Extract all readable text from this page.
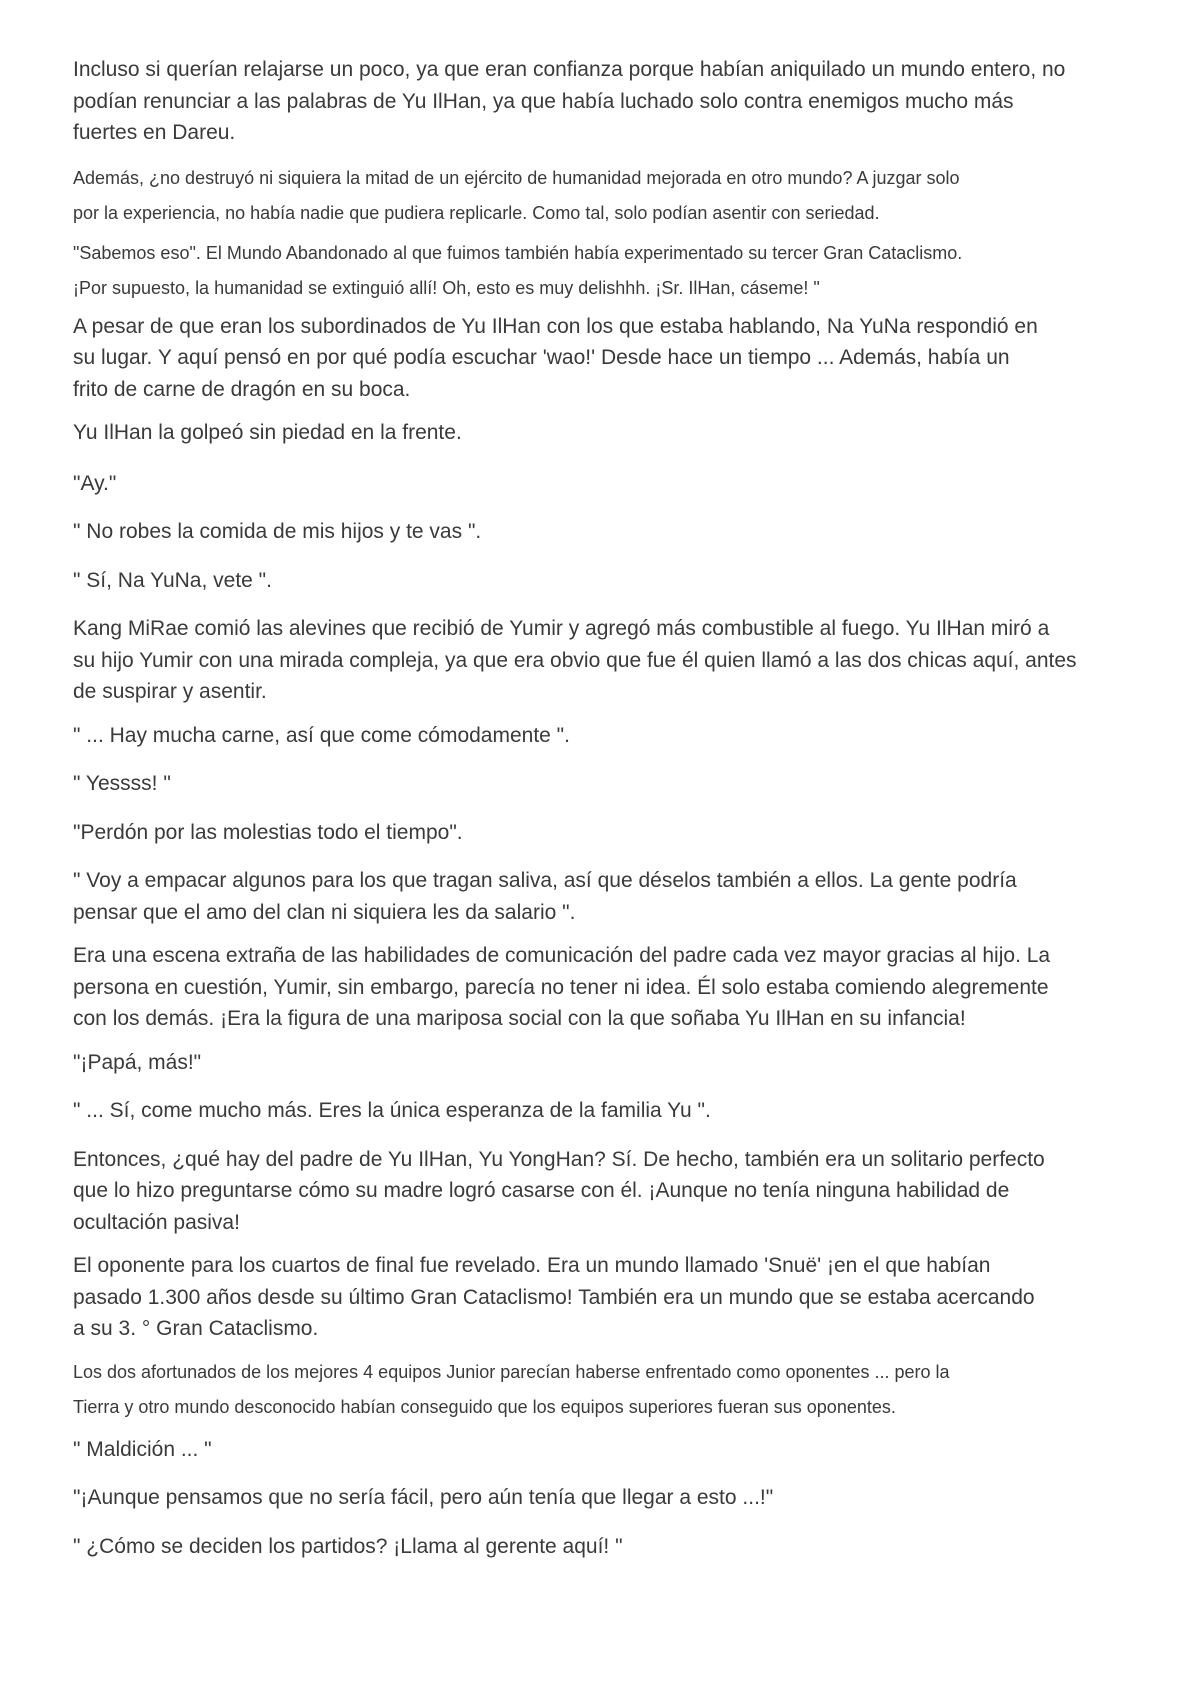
Incluso si querían relajarse un poco, ya que eran confianza porque habían aniquilado un mundo entero, no
podían renunciar a las palabras de Yu IlHan, ya que había luchado solo contra enemigos mucho más
fuertes en Dareu.

Además, ¿no destruyó ni siquiera la mitad de un ejército de humanidad mejorada en otro mundo? A juzgar solo
por la experiencia, no había nadie que pudiera replicarle. Como tal, solo podían asentir con seriedad.

"Sabemos eso". El Mundo Abandonado al que fuimos también había experimentado su tercer Gran Cataclismo.
¡Por supuesto, la humanidad se extinguió allí! Oh, esto es muy delishhh. ¡Sr. IlHan, cáseme! "

A pesar de que eran los subordinados de Yu IlHan con los que estaba hablando, Na YuNa respondió en
su lugar. Y aquí pensó en por qué podía escuchar 'wao!' Desde hace un tiempo ... Además, había un
frito de carne de dragón en su boca.

Yu IlHan la golpeó sin piedad en la frente.

"Ay."

" No robes la comida de mis hijos y te vas ".

" Sí, Na YuNa, vete ".

Kang MiRae comió las alevines que recibió de Yumir y agregó más combustible al fuego. Yu IlHan miró a
su hijo Yumir con una mirada compleja, ya que era obvio que fue él quien llamó a las dos chicas aquí, antes
de suspirar y asentir.

" ... Hay mucha carne, así que come cómodamente ".

" Yessss! "

"Perdón por las molestias todo el tiempo".

" Voy a empacar algunos para los que tragan saliva, así que déselos también a ellos. La gente podría
pensar que el amo del clan ni siquiera les da salario ".

Era una escena extraña de las habilidades de comunicación del padre cada vez mayor gracias al hijo. La
persona en cuestión, Yumir, sin embargo, parecía no tener ni idea. Él solo estaba comiendo alegremente
con los demás. ¡Era la figura de una mariposa social con la que soñaba Yu IlHan en su infancia!

"¡Papá, más!"

" ... Sí, come mucho más. Eres la única esperanza de la familia Yu ".

Entonces, ¿qué hay del padre de Yu IlHan, Yu YongHan? Sí. De hecho, también era un solitario perfecto
que lo hizo preguntarse cómo su madre logró casarse con él. ¡Aunque no tenía ninguna habilidad de
ocultación pasiva!

El oponente para los cuartos de final fue revelado. Era un mundo llamado 'Snuë' ¡en el que habían
pasado 1.300 años desde su último Gran Cataclismo! También era un mundo que se estaba acercando
a su 3. ° Gran Cataclismo.

Los dos afortunados de los mejores 4 equipos Junior parecían haberse enfrentado como oponentes ... pero la
Tierra y otro mundo desconocido habían conseguido que los equipos superiores fueran sus oponentes.

" Maldición ... "

"¡Aunque pensamos que no sería fácil, pero aún tenía que llegar a esto ...!"

" ¿Cómo se deciden los partidos? ¡Llama al gerente aquí! "
